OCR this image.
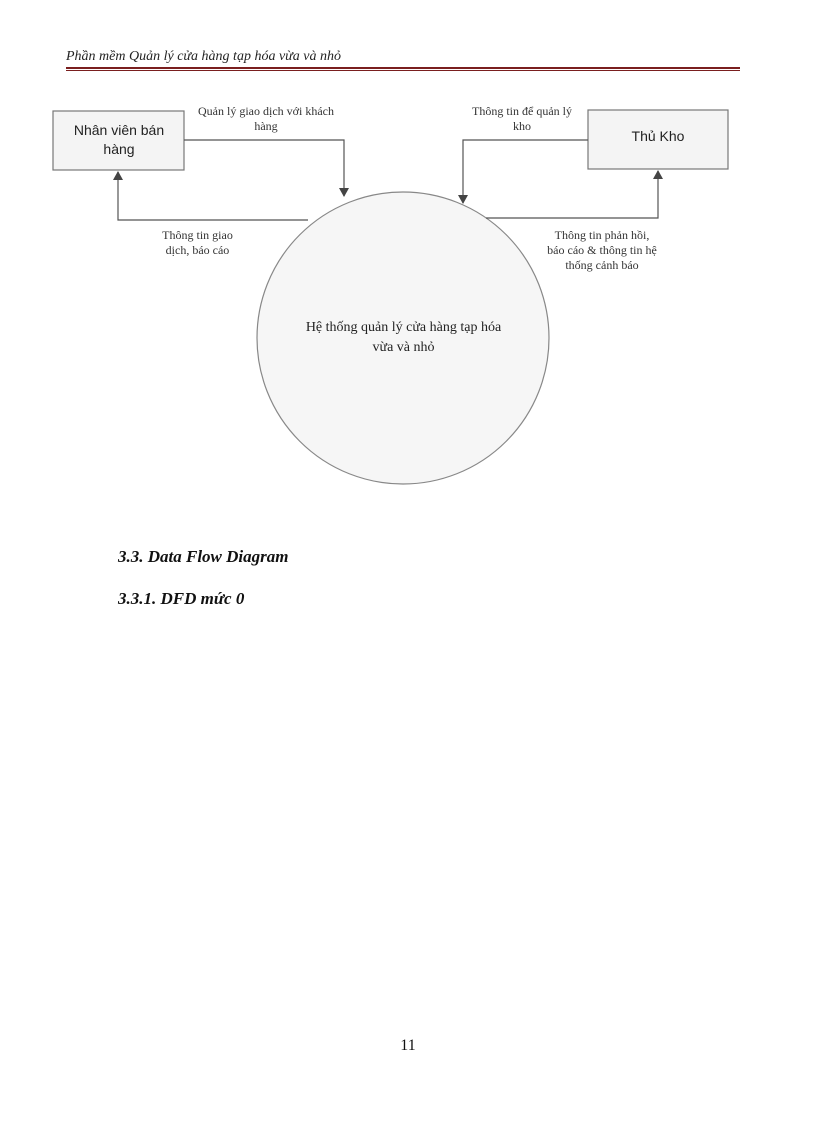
Phần mềm Quản lý cửa hàng tạp hóa vừa và nhỏ
Nhân viên bán hàng
Thủ Kho
Quản lý giao dịch với khách hàng
Thông tin giao dịch, báo cáo
Thông tin để quản lý kho
Thông tin phản hồi, báo cáo & thông tin hệ thống cảnh báo
Hệ thống quản lý cửa hàng tạp hóa vừa và nhỏ
3.3. Data Flow Diagram
3.3.1. DFD mức 0
11
